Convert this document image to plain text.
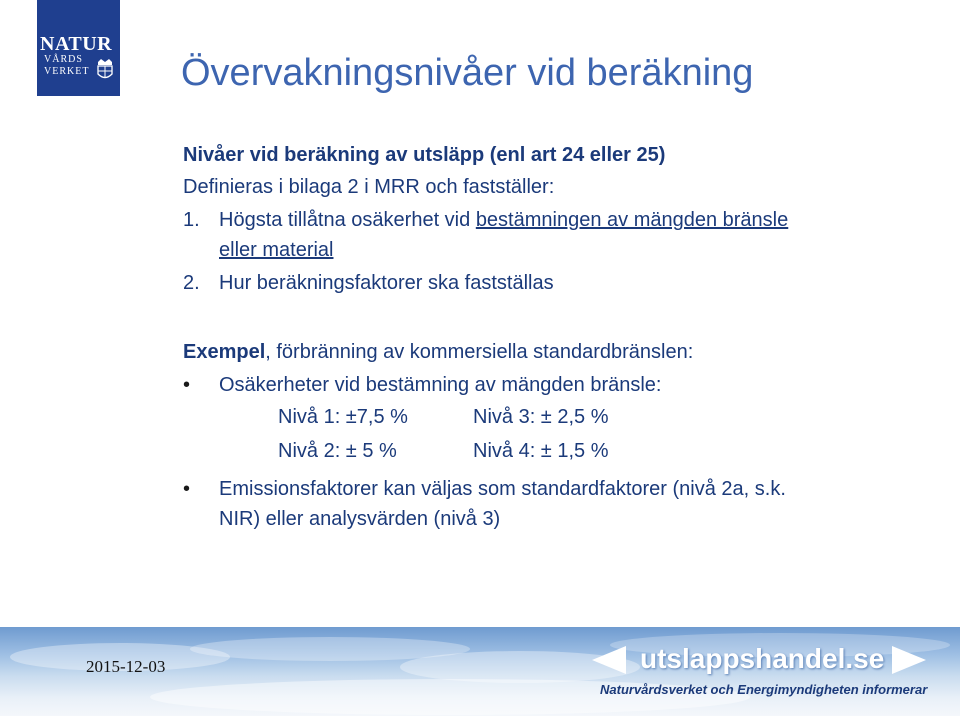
NATUR
VÅRDS
VERKET	Övervakningsnivåer vid beräkning
Nivåer vid beräkning av utsläpp (enl art 24 eller 25)
Definieras i bilaga 2 i MRR och fastställer:
1. Högsta tillåtna osäkerhet vid bestämningen av mängden bränsle
eller material
2. Hur beräkningsfaktorer ska fastställas
Exempel, förbränning av kommersiella standardbränslen:
• Osäkerheter vid bestämning av mängden bränsle:
Nivå 1: ±7,5 %	Nivå 3: ± 2,5 %
Nivå 2: ± 5 %	Nivå 4: ± 1,5 %
• Emissionsfaktorer kan väljas som standardfaktorer (nivå 2a, s.k.
NIR) eller analysvärden (nivå 3)
2015-12-03	utslappshandel.se
Naturvårdsverket och Energimyndigheten informerar
